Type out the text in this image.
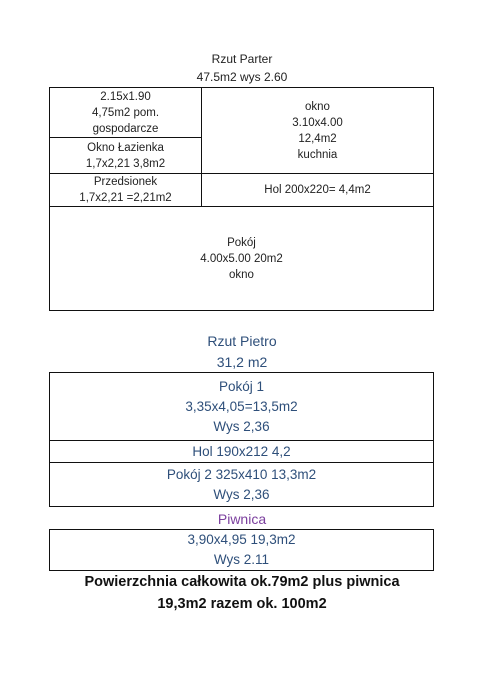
Rzut Parter
47.5m2 wys 2.60
2.15x1.90
4,75m2 pom.
gospodarcze
Okno Łazienka
1,7x2,21 3,8m2
okno
3.10x4.00
12,4m2
kuchnia
Przedsionek
1,7x2,21 =2,21m2
Hol 200x220= 4,4m2
Pokój
4.00x5.00 20m2
okno
Rzut Pietro
31,2 m2
Pokój 1
3,35x4,05=13,5m2
Wys 2,36
Hol 190x212 4,2
Pokój 2 325x410 13,3m2
Wys 2,36
Piwnica
3,90x4,95 19,3m2
Wys 2.11
Powierzchnia całkowita ok.79m2 plus piwnica
19,3m2 razem ok. 100m2
